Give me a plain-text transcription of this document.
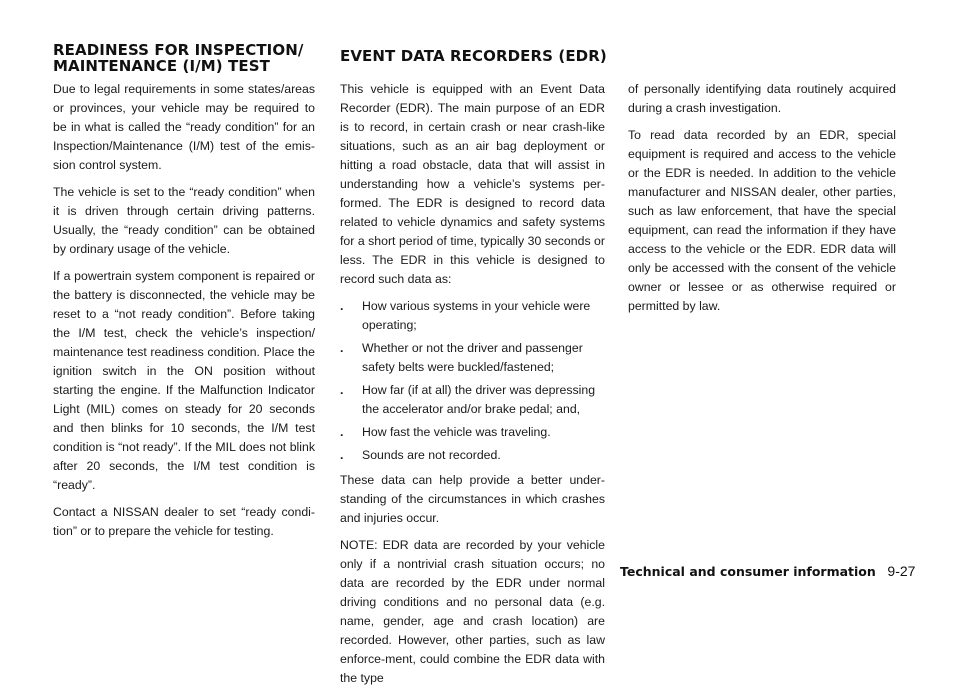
READINESS FOR INSPECTION/ MAINTENANCE (I/M) TEST
EVENT DATA RECORDERS (EDR)

Due to legal requirements in some states/areas or provinces, your vehicle may be required to be in what is called the “ready condition” for an Inspection/Maintenance (I/M) test of the emis-sion control system.

The vehicle is set to the “ready condition” when it is driven through certain driving patterns. Usually, the “ready condition” can be obtained by ordinary usage of the vehicle.

If a powertrain system component is repaired or the battery is disconnected, the vehicle may be reset to a “not ready condition”. Before taking the I/M test, check the vehicle’s inspection/ maintenance test readiness condition. Place the ignition switch in the ON position without starting the engine. If the Malfunction Indicator Light (MIL) comes on steady for 20 seconds and then blinks for 10 seconds, the I/M test condition is “not ready”. If the MIL does not blink after 20 seconds, the I/M test condition is “ready”.

Contact a NISSAN dealer to set “ready condi-tion” or to prepare the vehicle for testing.

This vehicle is equipped with an Event Data Recorder (EDR). The main purpose of an EDR is to record, in certain crash or near crash-like situations, such as an air bag deployment or hitting a road obstacle, data that will assist in understanding how a vehicle’s systems per-formed. The EDR is designed to record data related to vehicle dynamics and safety systems for a short period of time, typically 30 seconds or less. The EDR in this vehicle is designed to record such data as:

. How various systems in your vehicle were operating;
. Whether or not the driver and passenger safety belts were buckled/fastened;
. How far (if at all) the driver was depressing the accelerator and/or brake pedal; and,
. How fast the vehicle was traveling.
. Sounds are not recorded.

These data can help provide a better under-standing of the circumstances in which crashes and injuries occur.

NOTE: EDR data are recorded by your vehicle only if a nontrivial crash situation occurs; no data are recorded by the EDR under normal driving conditions and no personal data (e.g. name, gender, age and crash location) are recorded. However, other parties, such as law enforce-ment, could combine the EDR data with the type

of personally identifying data routinely acquired during a crash investigation.

To read data recorded by an EDR, special equipment is required and access to the vehicle or the EDR is needed. In addition to the vehicle manufacturer and NISSAN dealer, other parties, such as law enforcement, that have the special equipment, can read the information if they have access to the vehicle or the EDR. EDR data will only be accessed with the consent of the vehicle owner or lessee or as otherwise required or permitted by law.

Technical and consumer information 9-27
